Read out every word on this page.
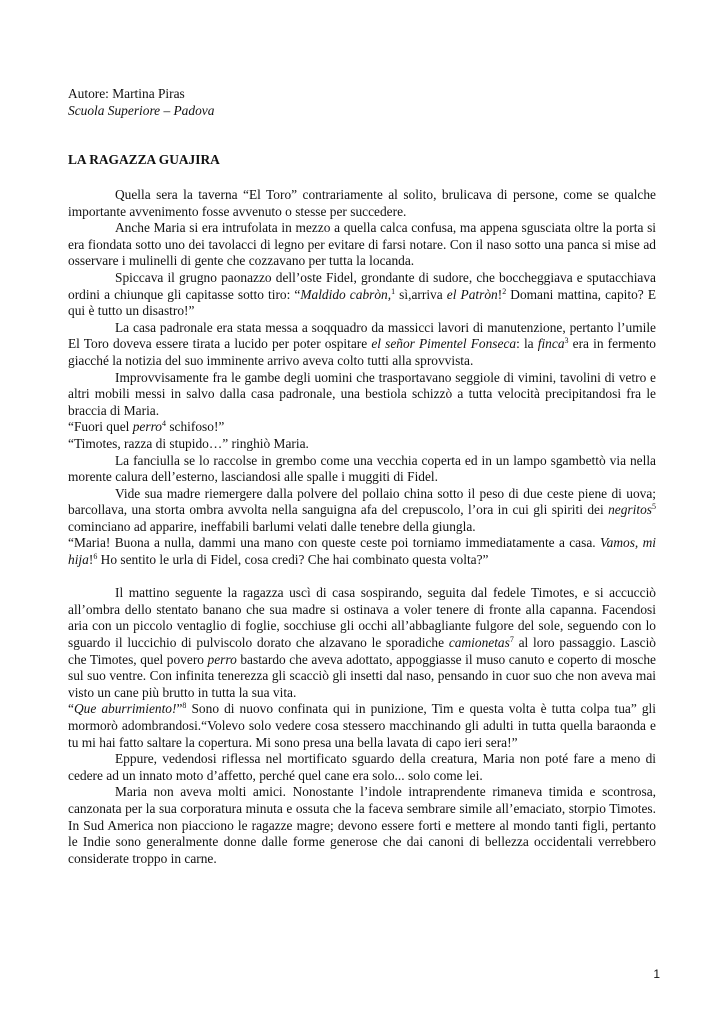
Autore: Martina Piras
Scuola Superiore – Padova
LA RAGAZZA GUAJIRA

Quella sera la taverna “El Toro” contrariamente al solito, brulicava di persone, come se qualche importante avvenimento fosse avvenuto o stesse per succedere.

Anche Maria si era intrufolata in mezzo a quella calca confusa, ma appena sgusciata oltre la porta si era fiondata sotto uno dei tavolacci di legno per evitare di farsi notare. Con il naso sotto una panca si mise ad osservare i mulinelli di gente che cozzavano per tutta la locanda.

Spiccava il grugno paonazzo dell’oste Fidel, grondante di sudore, che boccheggiava e sputacchiava ordini a chiunque gli capitasse sotto tiro: “Maldido cabròn,$^1$ sì,arriva el Patròn!$^2$ Domani mattina, capito? E qui è tutto un disastro!”

La casa padronale era stata messa a soqquadro da massicci lavori di manutenzione, pertanto l’umile El Toro doveva essere tirata a lucido per poter ospitare el señor Pimentel Fonseca: la finca$^3$ era in fermento giacché la notizia del suo imminente arrivo aveva colto tutti alla sprovvista.

Improvvisamente fra le gambe degli uomini che trasportavano seggiole di vimini, tavolini di vetro e altri mobili messi in salvo dalla casa padronale, una bestiola schizzò a tutta velocità precipitandosi fra le braccia di Maria.

“Fuori quel perro$^4$ schifoso!”

“Timotes, razza di stupido…” ringhiò Maria.

La fanciulla se lo raccolse in grembo come una vecchia coperta ed in un lampo sgambettò via nella morente calura dell’esterno, lasciandosi alle spalle i muggiti di Fidel.

Vide sua madre riemergere dalla polvere del pollaio china sotto il peso di due ceste piene di uova; barcollava, una storta ombra avvolta nella sanguigna afa del crepuscolo, l’ora in cui gli spiriti dei negritos$^5$ cominciano ad apparire, ineffabili barlumi velati dalle tenebre della giungla.

“Maria! Buona a nulla, dammi una mano con queste ceste poi torniamo immediatamente a casa. Vamos, mi hija!$^6$ Ho sentito le urla di Fidel, cosa credi? Che hai combinato questa volta?”

Il mattino seguente la ragazza uscì di casa sospirando, seguita dal fedele Timotes, e si accucciò all’ombra dello stentato banano che sua madre si ostinava a voler tenere di fronte alla capanna. Facendosi aria con un piccolo ventaglio di foglie, socchiuse gli occhi all’abbagliante fulgore del sole, seguendo con lo sguardo il luccichio di pulviscolo dorato che alzavano le sporadiche camionetas$^7$ al loro passaggio. Lasciò che Timotes, quel povero perro bastardo che aveva adottato, appoggiasse il muso canuto e coperto di mosche sul suo ventre. Con infinita tenerezza gli scacciò gli insetti dal naso, pensando in cuor suo che non aveva mai visto un cane più brutto in tutta la sua vita.

“Que aburrimiento!”$^8$ Sono di nuovo confinata qui in punizione, Tim e questa volta è tutta colpa tua” gli mormorò adombrandosi.“Volevo solo vedere cosa stessero macchinando gli adulti in tutta quella baraonda e tu mi hai fatto saltare la copertura. Mi sono presa una bella lavata di capo ieri sera!”

Eppure, vedendosi riflessa nel mortificato sguardo della creatura, Maria non poté fare a meno di cedere ad un innato moto d’affetto, perché quel cane era solo... solo come lei.

Maria non aveva molti amici. Nonostante l’indole intraprendente rimaneva timida e scontrosa, canzonata per la sua corporatura minuta e ossuta che la faceva sembrare simile all’emaciato, storpio Timotes. In Sud America non piacciono le ragazze magre; devono essere forti e mettere al mondo tanti figli, pertanto le Indie sono generalmente donne dalle forme generose che dai canoni di bellezza occidentali verrebbero considerate troppo in carne.

1
